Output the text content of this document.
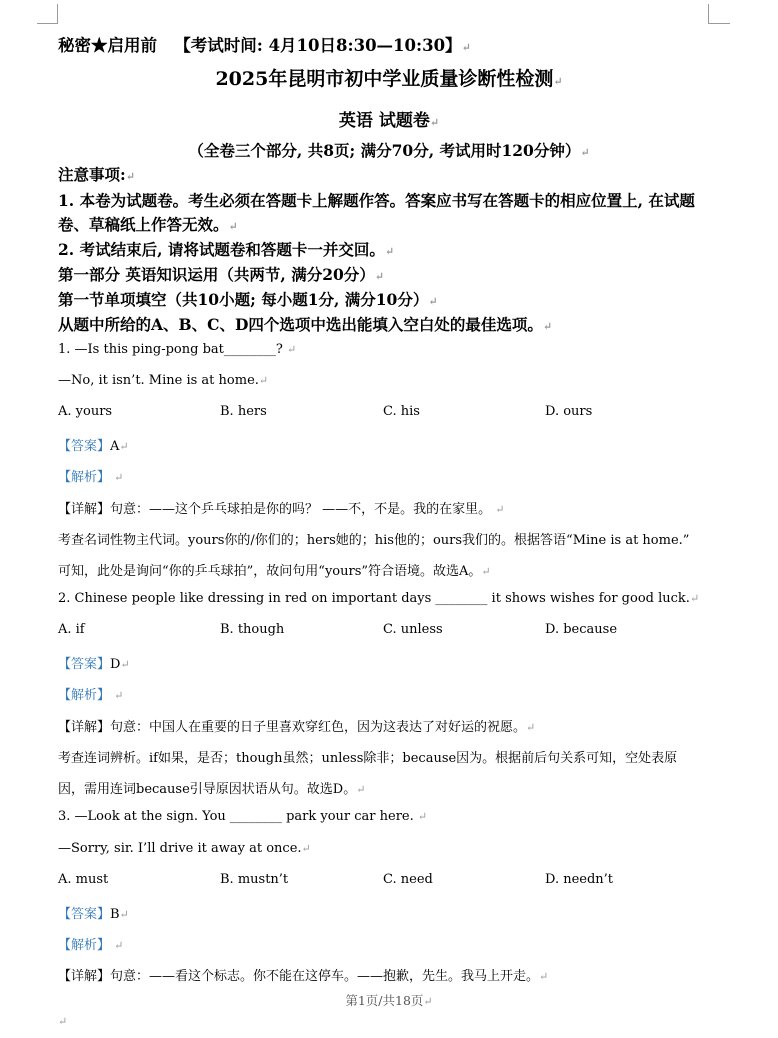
秘密★启用前 【考试时间: 4月10日8:30—10:30】↵
2025年昆明市初中学业质量诊断性检测↵
英语 试题卷↵
（全卷三个部分, 共8页; 满分70分, 考试用时120分钟）↵
注意事项:↵
1. 本卷为试题卷。考生必须在答题卡上解题作答。答案应书写在答题卡的相应位置上, 在试题
卷、草稿纸上作答无效。↵
2. 考试结束后, 请将试题卷和答题卡一并交回。↵
第一部分 英语知识运用（共两节, 满分20分）↵
第一节单项填空（共10小题; 每小题1分, 满分10分）↵
从题中所给的A、B、C、D四个选项中选出能填入空白处的最佳选项。↵
1. —Is this ping-pong bat________? ↵
—No, it isn’t. Mine is at home.↵
A. yours	B. hers	C. his	D. ours
【答案】A↵
【解析】 ↵
【详解】句意：——这个乒乓球拍是你的吗？ ——不，不是。我的在家里。 ↵
考查名词性物主代词。yours你的/你们的；hers她的；his他的；ours我们的。根据答语“Mine is at home.”
可知，此处是询问“你的乒乓球拍”，故问句用“yours”符合语境。故选A。↵
2. Chinese people like dressing in red on important days ________ it shows wishes for good luck.↵
A. if	B. though	C. unless	D. because
【答案】D↵
【解析】 ↵
【详解】句意：中国人在重要的日子里喜欢穿红色，因为这表达了对好运的祝愿。↵
考查连词辨析。if如果，是否；though虽然；unless除非；because因为。根据前后句关系可知，空处表原
因，需用连词because引导原因状语从句。故选D。↵
3. —Look at the sign. You ________ park your car here. ↵
—Sorry, sir. I’ll drive it away at once.↵
A. must	B. mustn’t	C. need	D. needn’t
【答案】B↵
【解析】 ↵
【详解】句意：——看这个标志。你不能在这停车。——抱歉，先生。我马上开走。↵
第1页/共18页↵
↵
